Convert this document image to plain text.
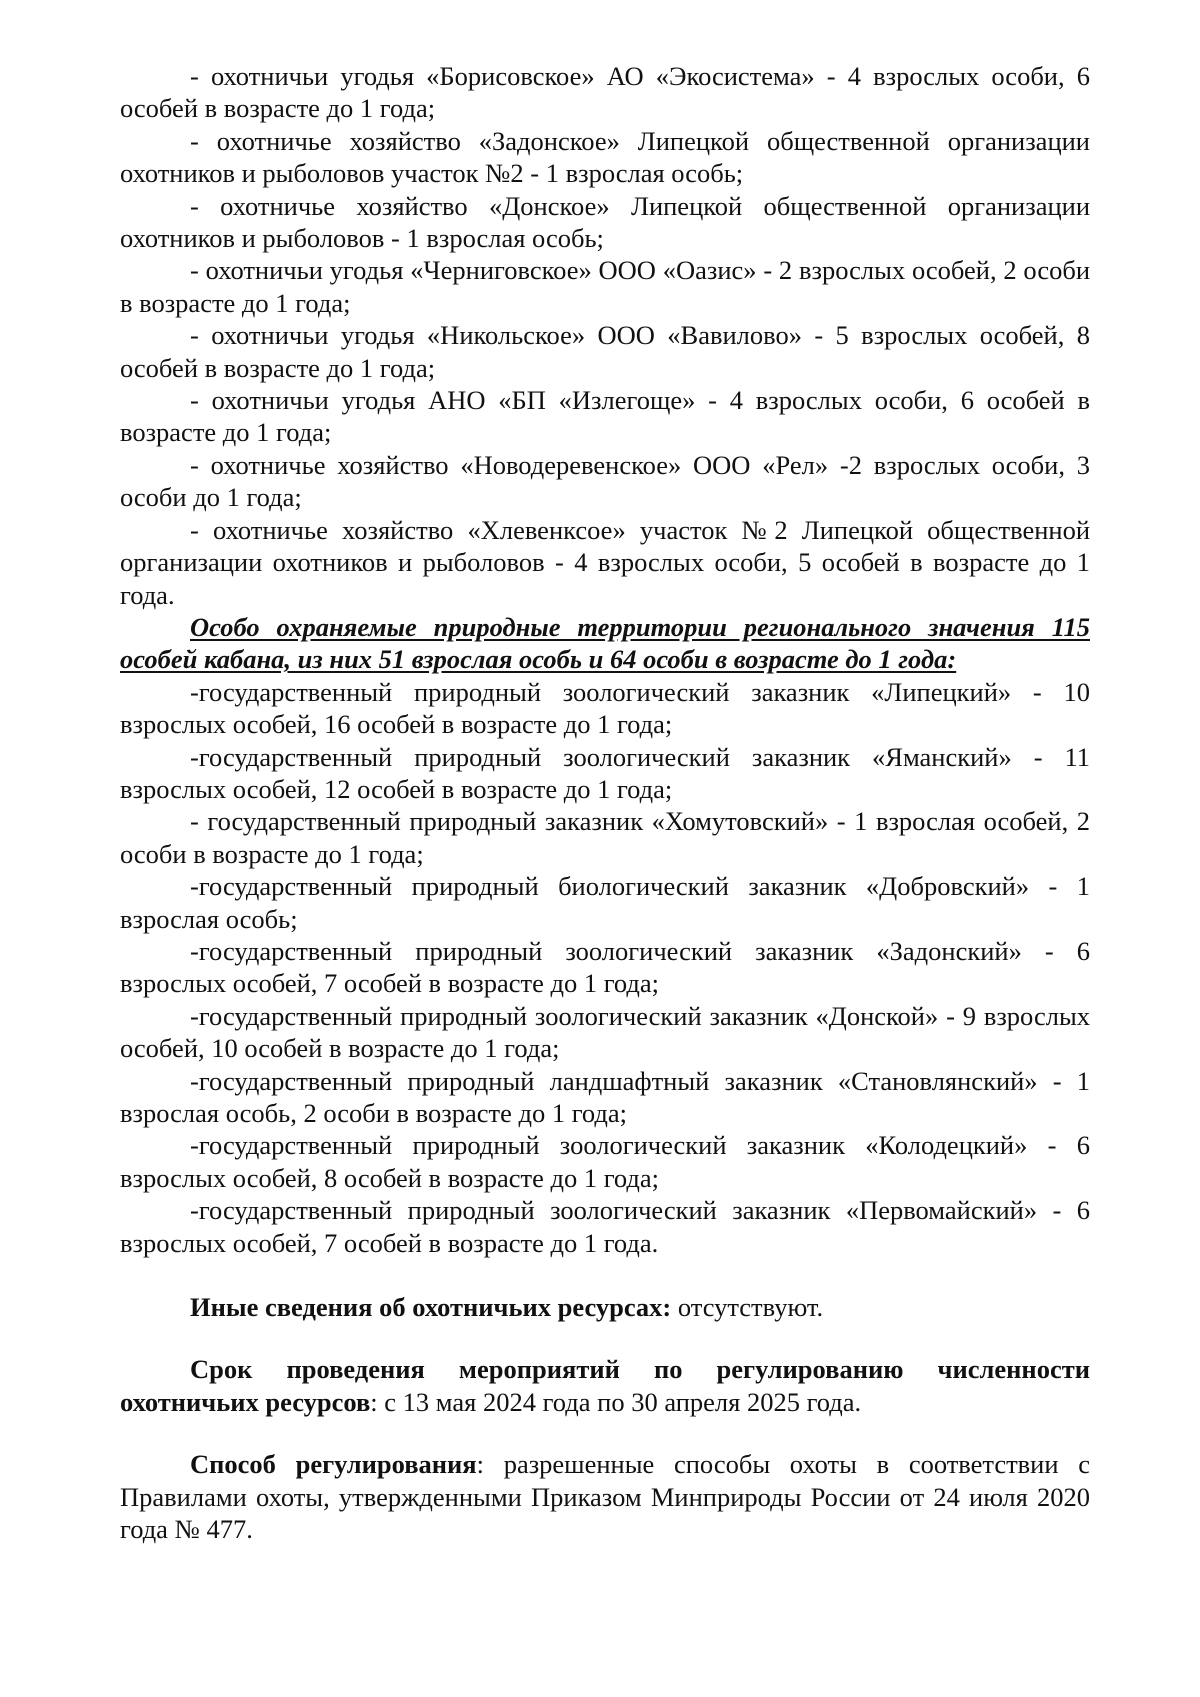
- охотничьи угодья «Борисовское» АО «Экосистема» - 4 взрослых особи, 6 особей в возрасте до 1 года;

- охотничье хозяйство «Задонское» Липецкой общественной организации охотников и рыболовов участок №2 - 1 взрослая особь;

- охотничье хозяйство «Донское» Липецкой общественной организации охотников и рыболовов - 1 взрослая особь;

- охотничьи угодья «Черниговское» ООО «Оазис» - 2 взрослых особей, 2 особи в возрасте до 1 года;

- охотничьи угодья «Никольское» ООО «Вавилово» - 5 взрослых особей, 8 особей в возрасте до 1 года;

- охотничьи угодья АНО «БП «Излегоще» - 4 взрослых особи, 6 особей в возрасте до 1 года;

- охотничье хозяйство «Новодеревенское» ООО «Рел» -2 взрослых особи, 3 особи до 1 года;

- охотничье хозяйство «Хлевенксое» участок №2 Липецкой общественной организации охотников и рыболовов - 4 взрослых особи, 5 особей в возрасте до 1 года.

Особо охраняемые природные территории регионального значения 115 особей кабана, из них 51 взрослая особь и 64 особи в возрасте до 1 года:

-государственный природный зоологический заказник «Липецкий» - 10 взрослых особей, 16 особей в возрасте до 1 года;

-государственный природный зоологический заказник «Яманский» - 11 взрослых особей, 12 особей в возрасте до 1 года;

- государственный природный заказник «Хомутовский» - 1 взрослая особей, 2 особи в возрасте до 1 года;

-государственный природный биологический заказник «Добровский» - 1 взрослая особь;

-государственный природный зоологический заказник «Задонский» - 6 взрослых особей, 7 особей в возрасте до 1 года;

-государственный природный зоологический заказник «Донской» - 9 взрослых особей, 10 особей в возрасте до 1 года;

-государственный природный ландшафтный заказник «Становлянский» - 1 взрослая особь, 2 особи в возрасте до 1 года;

-государственный природный зоологический заказник «Колодецкий» - 6 взрослых особей, 8 особей в возрасте до 1 года;

-государственный природный зоологический заказник «Первомайский» - 6 взрослых особей, 7 особей в возрасте до 1 года.

Иные сведения об охотничьих ресурсах: отсутствуют.

Срок проведения мероприятий по регулированию численности охотничьих ресурсов: с 13 мая 2024 года по 30 апреля 2025 года.

Способ регулирования: разрешенные способы охоты в соответствии с Правилами охоты, утвержденными Приказом Минприроды России от 24 июля 2020 года № 477.
